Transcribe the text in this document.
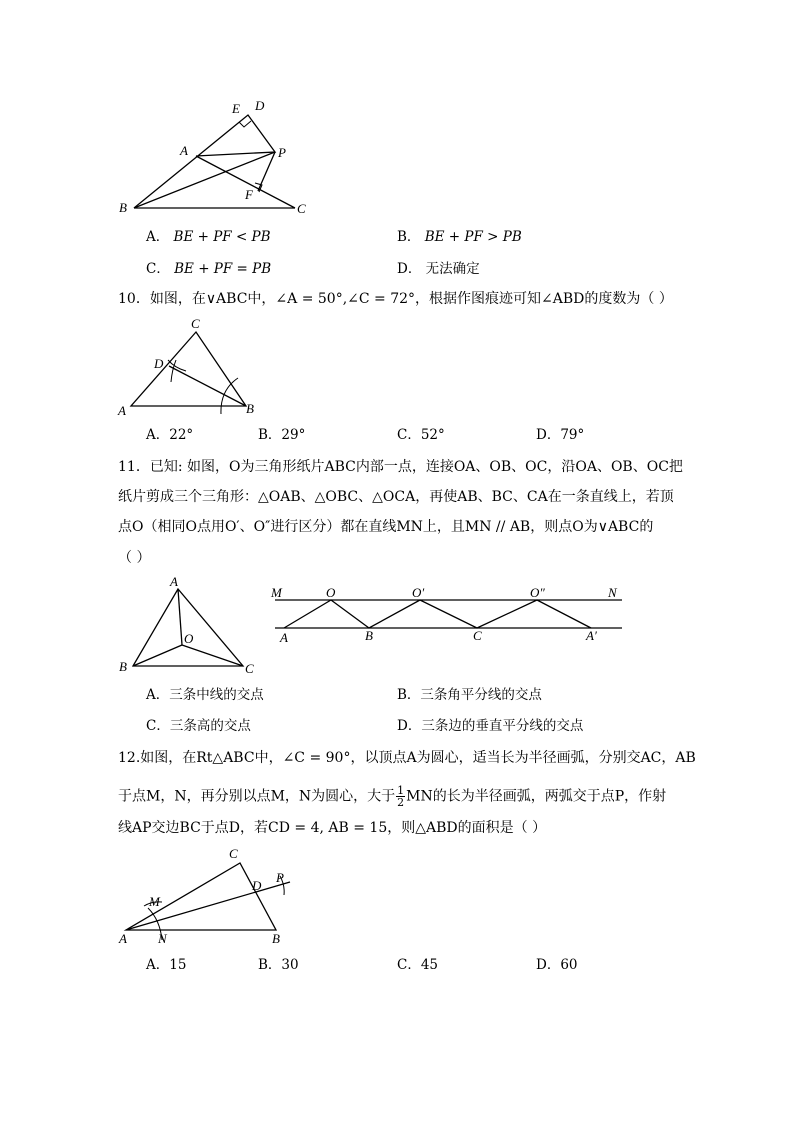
E D
A	P
F
B	C
A． BE + PF < PB	B． BE + PF > PB
C． BE + PF = PB	D． 无法确定
10．如图，在∨ABC中，∠A = 50°,∠C = 72°，根据作图痕迹可知∠ABD的度数为（ ）
C
D
A	B
A．22°	B．29°	C．52°	D．79°
11．已知: 如图，O为三角形纸片ABC内部一点，连接OA、OB、OC，沿OA、OB、OC把
纸片剪成三个三角形：△OAB、△OBC、△OCA，再使AB、BC、CA在一条直线上，若顶
点O（相同O点用O′、O″进行区分）都在直线MN上，且MN // AB，则点O为∨ABC的
（ ）
A
O
B	C
M	O	O′	O″	N
A	B	C	A′
A．三条中线的交点	B．三条角平分线的交点
C．三条高的交点	D．三条边的垂直平分线的交点
12.如图，在Rt△ABC中，∠C = 90°，以顶点A为圆心，适当长为半径画弧，分别交AC，AB
于点M，N，再分别以点M，N为圆心，大于 $\frac{1}{2}$ MN的长为半径画弧，两弧交于点P，作射
线AP交边BC于点D，若CD = 4, AB = 15，则△ABD的面积是（ ）
C
D
P
M
A N	B
A．15	B．30	C．45	D．60
